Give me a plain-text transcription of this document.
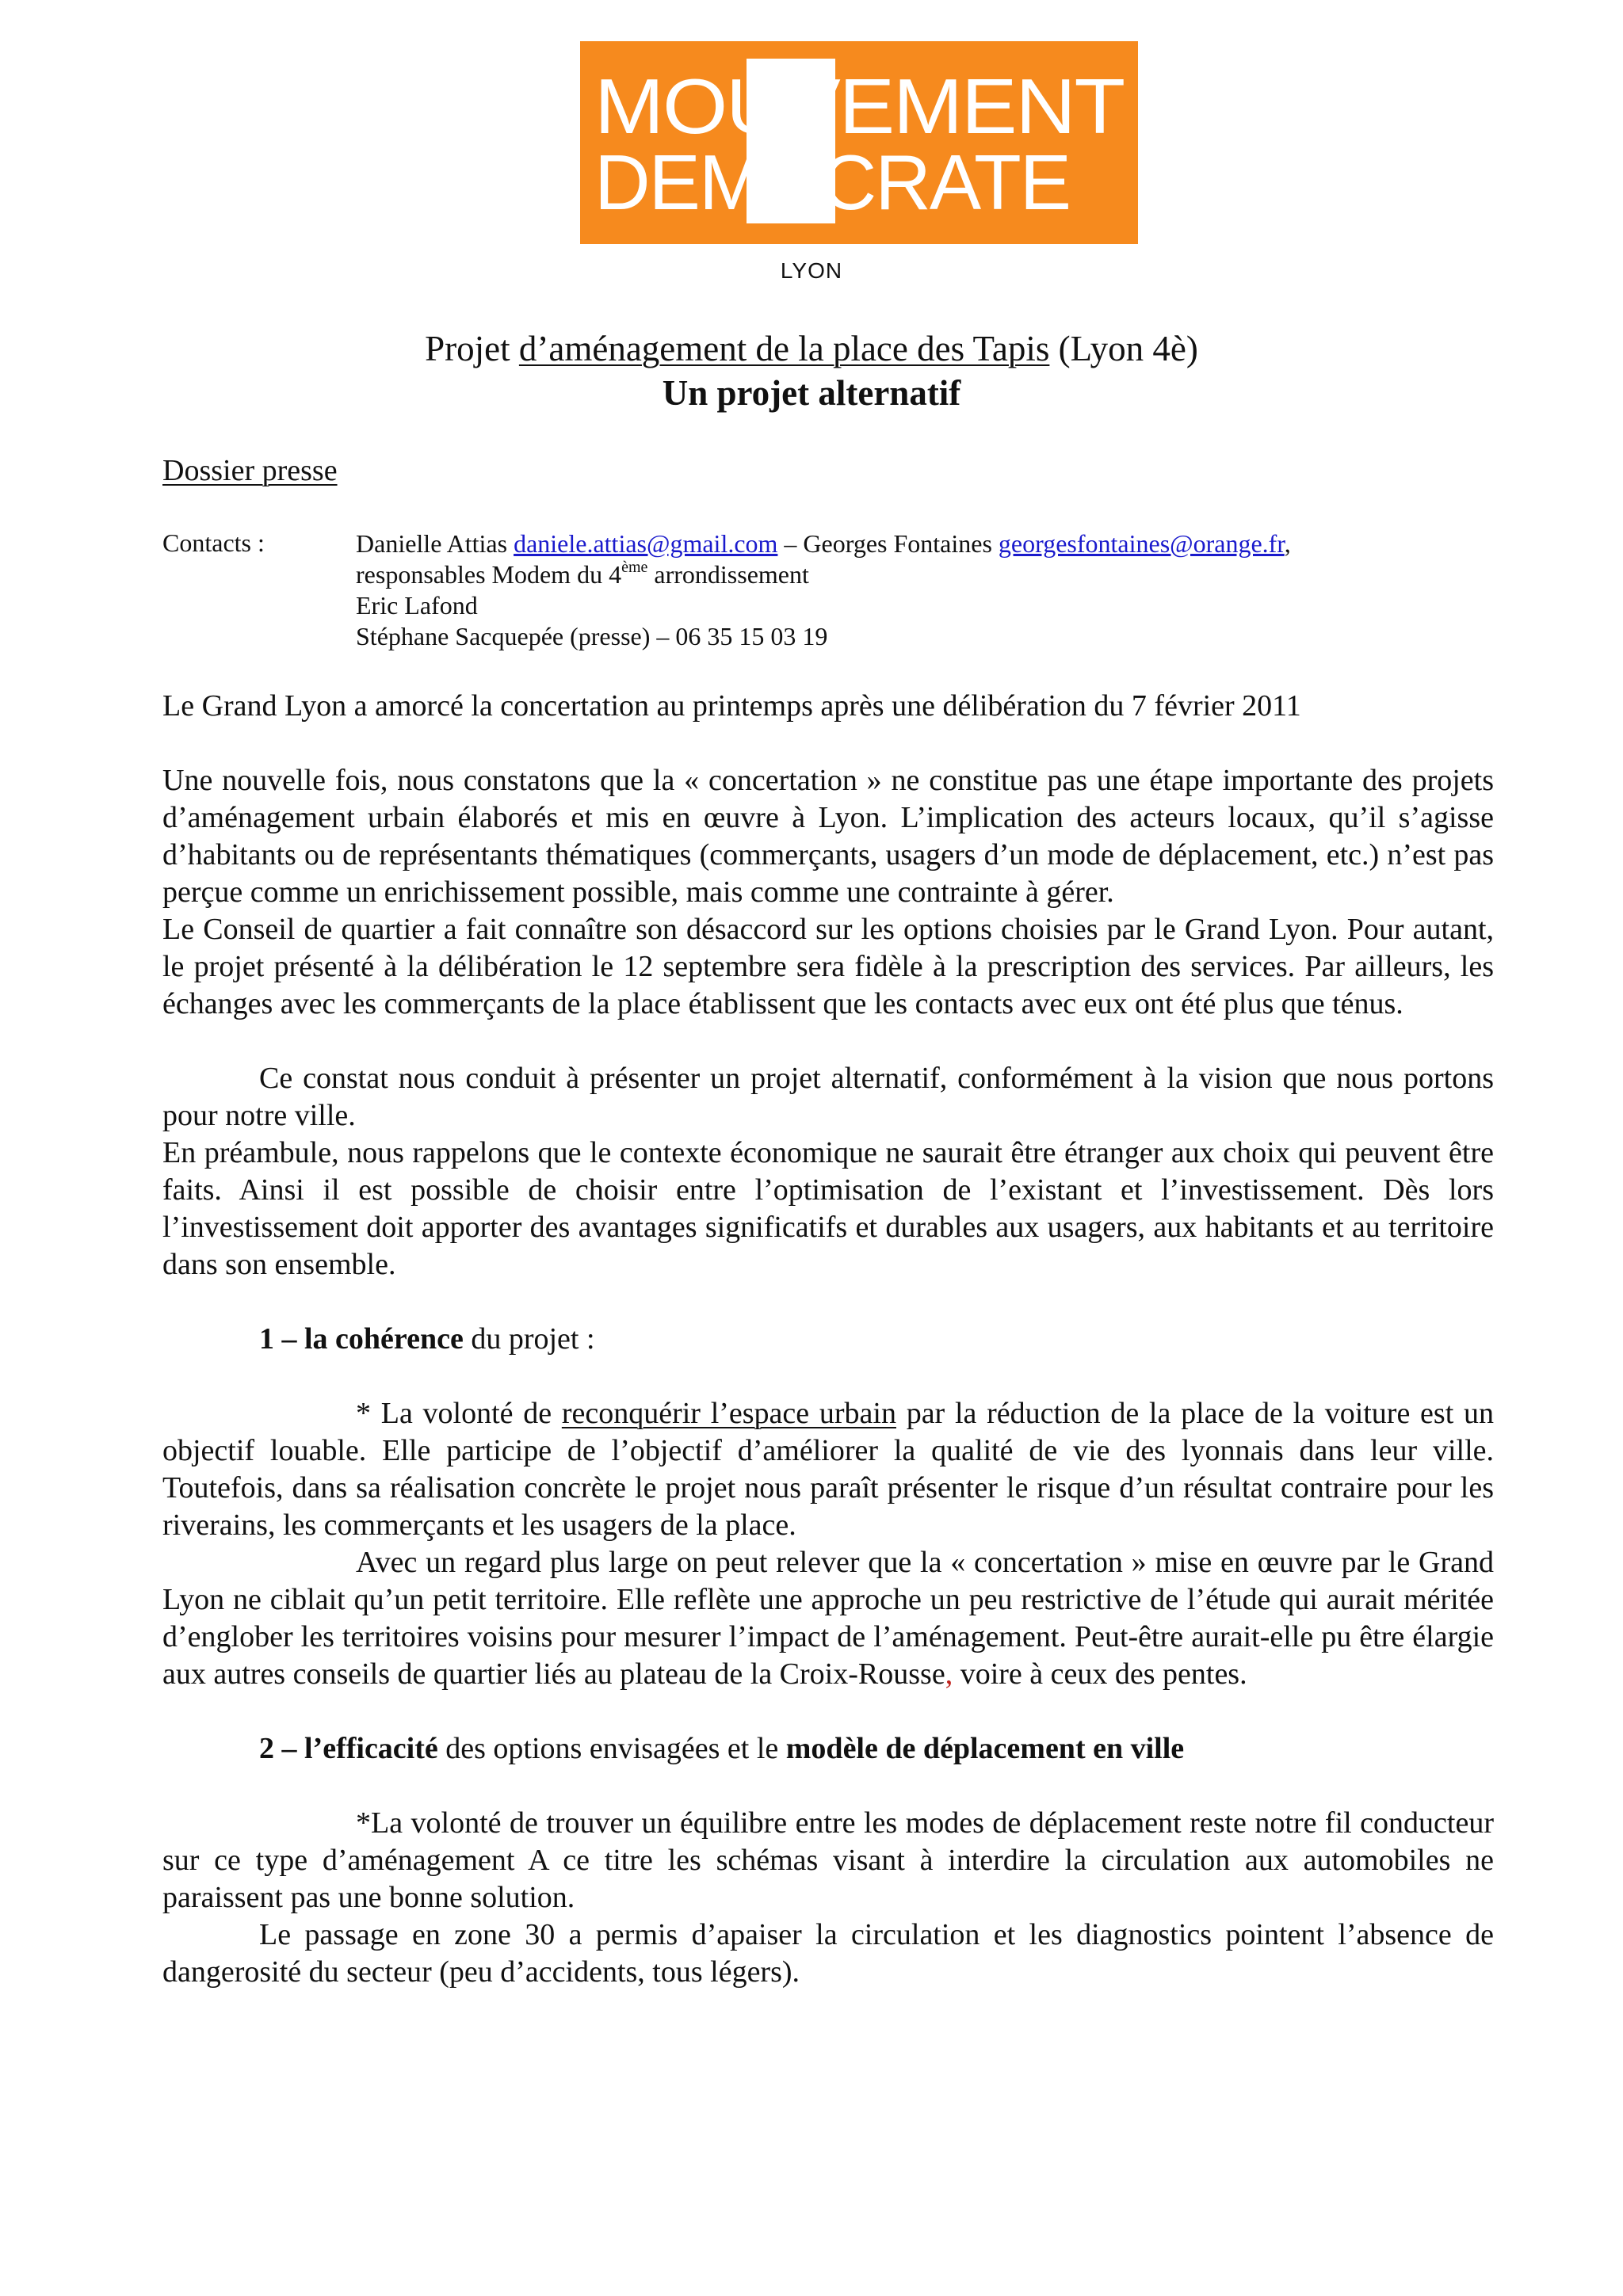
MOUVEMENT
DEMOCRATE
LYON
Projet d’aménagement de la place des Tapis (Lyon 4è)
Un projet alternatif
Dossier presse
Contacts :	Danielle Attias daniele.attias@gmail.com – Georges Fontaines georgesfontaines@orange.fr,
responsables Modem du 4ème arrondissement
Eric Lafond
Stéphane Sacquepée (presse) – 06 35 15 03 19

Le Grand Lyon a amorcé la concertation au printemps après une délibération du 7 février 2011

Une nouvelle fois, nous constatons que la « concertation » ne constitue pas une étape importante des projets d’aménagement urbain élaborés et mis en œuvre à Lyon. L’implication des acteurs locaux, qu’il s’agisse d’habitants ou de représentants thématiques (commerçants, usagers d’un mode de déplacement, etc.) n’est pas perçue comme un enrichissement possible, mais comme une contrainte à gérer.

Le Conseil de quartier a fait connaître son désaccord sur les options choisies par le Grand Lyon. Pour autant, le projet présenté à la délibération le 12 septembre sera fidèle à la prescription des services. Par ailleurs, les échanges avec les commerçants de la place établissent que les contacts avec eux ont été plus que ténus.

Ce constat nous conduit à présenter un projet alternatif, conformément à la vision que nous portons pour notre ville.

En préambule, nous rappelons que le contexte économique ne saurait être étranger aux choix qui peuvent être faits. Ainsi il est possible de choisir entre l’optimisation de l’existant et l’investissement. Dès lors l’investissement doit apporter des avantages significatifs et durables aux usagers, aux habitants et au territoire dans son ensemble.

1 – la cohérence du projet :

* La volonté de reconquérir l’espace urbain par la réduction de la place de la voiture est un objectif louable. Elle participe de l’objectif d’améliorer la qualité de vie des lyonnais dans leur ville. Toutefois, dans sa réalisation concrète le projet nous paraît présenter le risque d’un résultat contraire pour les riverains, les commerçants et les usagers de la place.

Avec un regard plus large on peut relever que la « concertation » mise en œuvre par le Grand Lyon ne ciblait qu’un petit territoire. Elle reflète une approche un peu restrictive de l’étude qui aurait méritée d’englober les territoires voisins pour mesurer l’impact de l’aménagement. Peut-être aurait-elle pu être élargie aux autres conseils de quartier liés au plateau de la Croix-Rousse, voire à ceux des pentes.

2 – l’efficacité des options envisagées et le modèle de déplacement en ville

*La volonté de trouver un équilibre entre les modes de déplacement reste notre fil conducteur sur ce type d’aménagement A ce titre les schémas visant à interdire la circulation aux automobiles ne paraissent pas une bonne solution.

Le passage en zone 30 a permis d’apaiser la circulation et les diagnostics pointent l’absence de dangerosité du secteur (peu d’accidents, tous légers).
